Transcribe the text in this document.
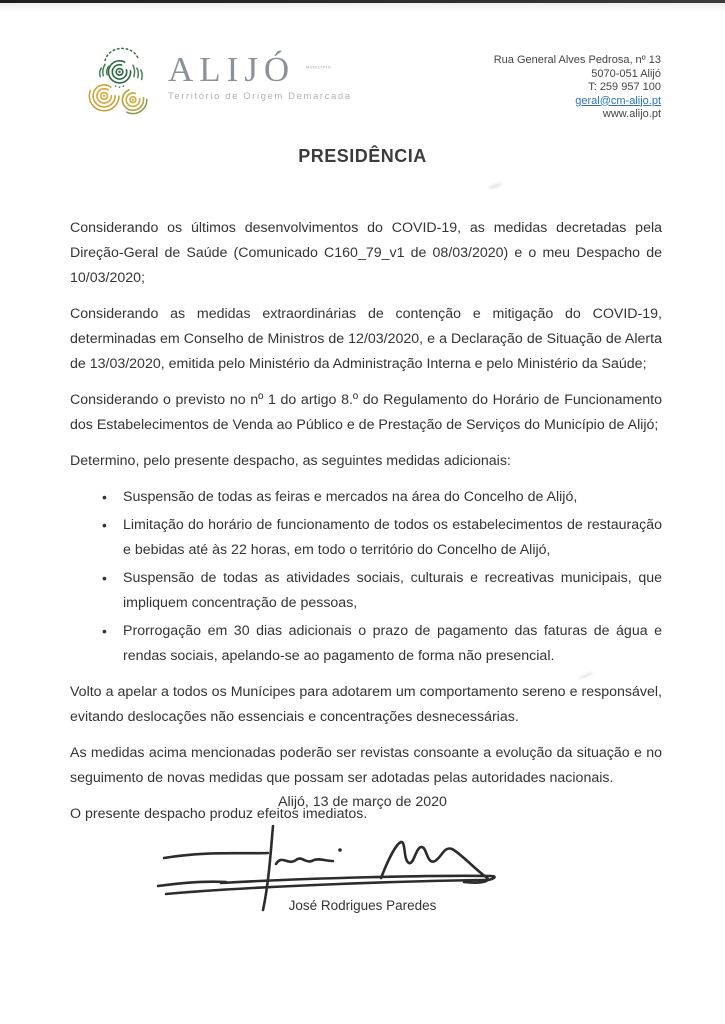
ALIJÓ	MUNICÍPIO
Território de Origem Demarcada
Rua General Alves Pedrosa, nº 13
5070-051 Alijó
T: 259 957 100
geral@cm-alijo.pt
www.alijo.pt
PRESIDÊNCIA

Considerando os últimos desenvolvimentos do COVID-19, as medidas decretadas pela Direção-Geral de Saúde (Comunicado C160_79_v1 de 08/03/2020) e o meu Despacho de 10/03/2020;

Considerando as medidas extraordinárias de contenção e mitigação do COVID-19, determinadas em Conselho de Ministros de 12/03/2020, e a Declaração de Situação de Alerta de 13/03/2020, emitida pelo Ministério da Administração Interna e pelo Ministério da Saúde;

Considerando o previsto no nº 1 do artigo 8.º do Regulamento do Horário de Funcionamento dos Estabelecimentos de Venda ao Público e de Prestação de Serviços do Município de Alijó;

Determino, pelo presente despacho, as seguintes medidas adicionais:

• Suspensão de todas as feiras e mercados na área do Concelho de Alijó,
• Limitação do horário de funcionamento de todos os estabelecimentos de restauração e bebidas até às 22 horas, em todo o território do Concelho de Alijó,
• Suspensão de todas as atividades sociais, culturais e recreativas municipais, que impliquem concentração de pessoas,
• Prorrogação em 30 dias adicionais o prazo de pagamento das faturas de água e rendas sociais, apelando-se ao pagamento de forma não presencial.

Volto a apelar a todos os Munícipes para adotarem um comportamento sereno e responsável, evitando deslocações não essenciais e concentrações desnecessárias.

As medidas acima mencionadas poderão ser revistas consoante a evolução da situação e no seguimento de novas medidas que possam ser adotadas pelas autoridades nacionais.

O presente despacho produz efeitos imediatos.

Alijó, 13 de março de 2020
José Rodrigues Paredes
